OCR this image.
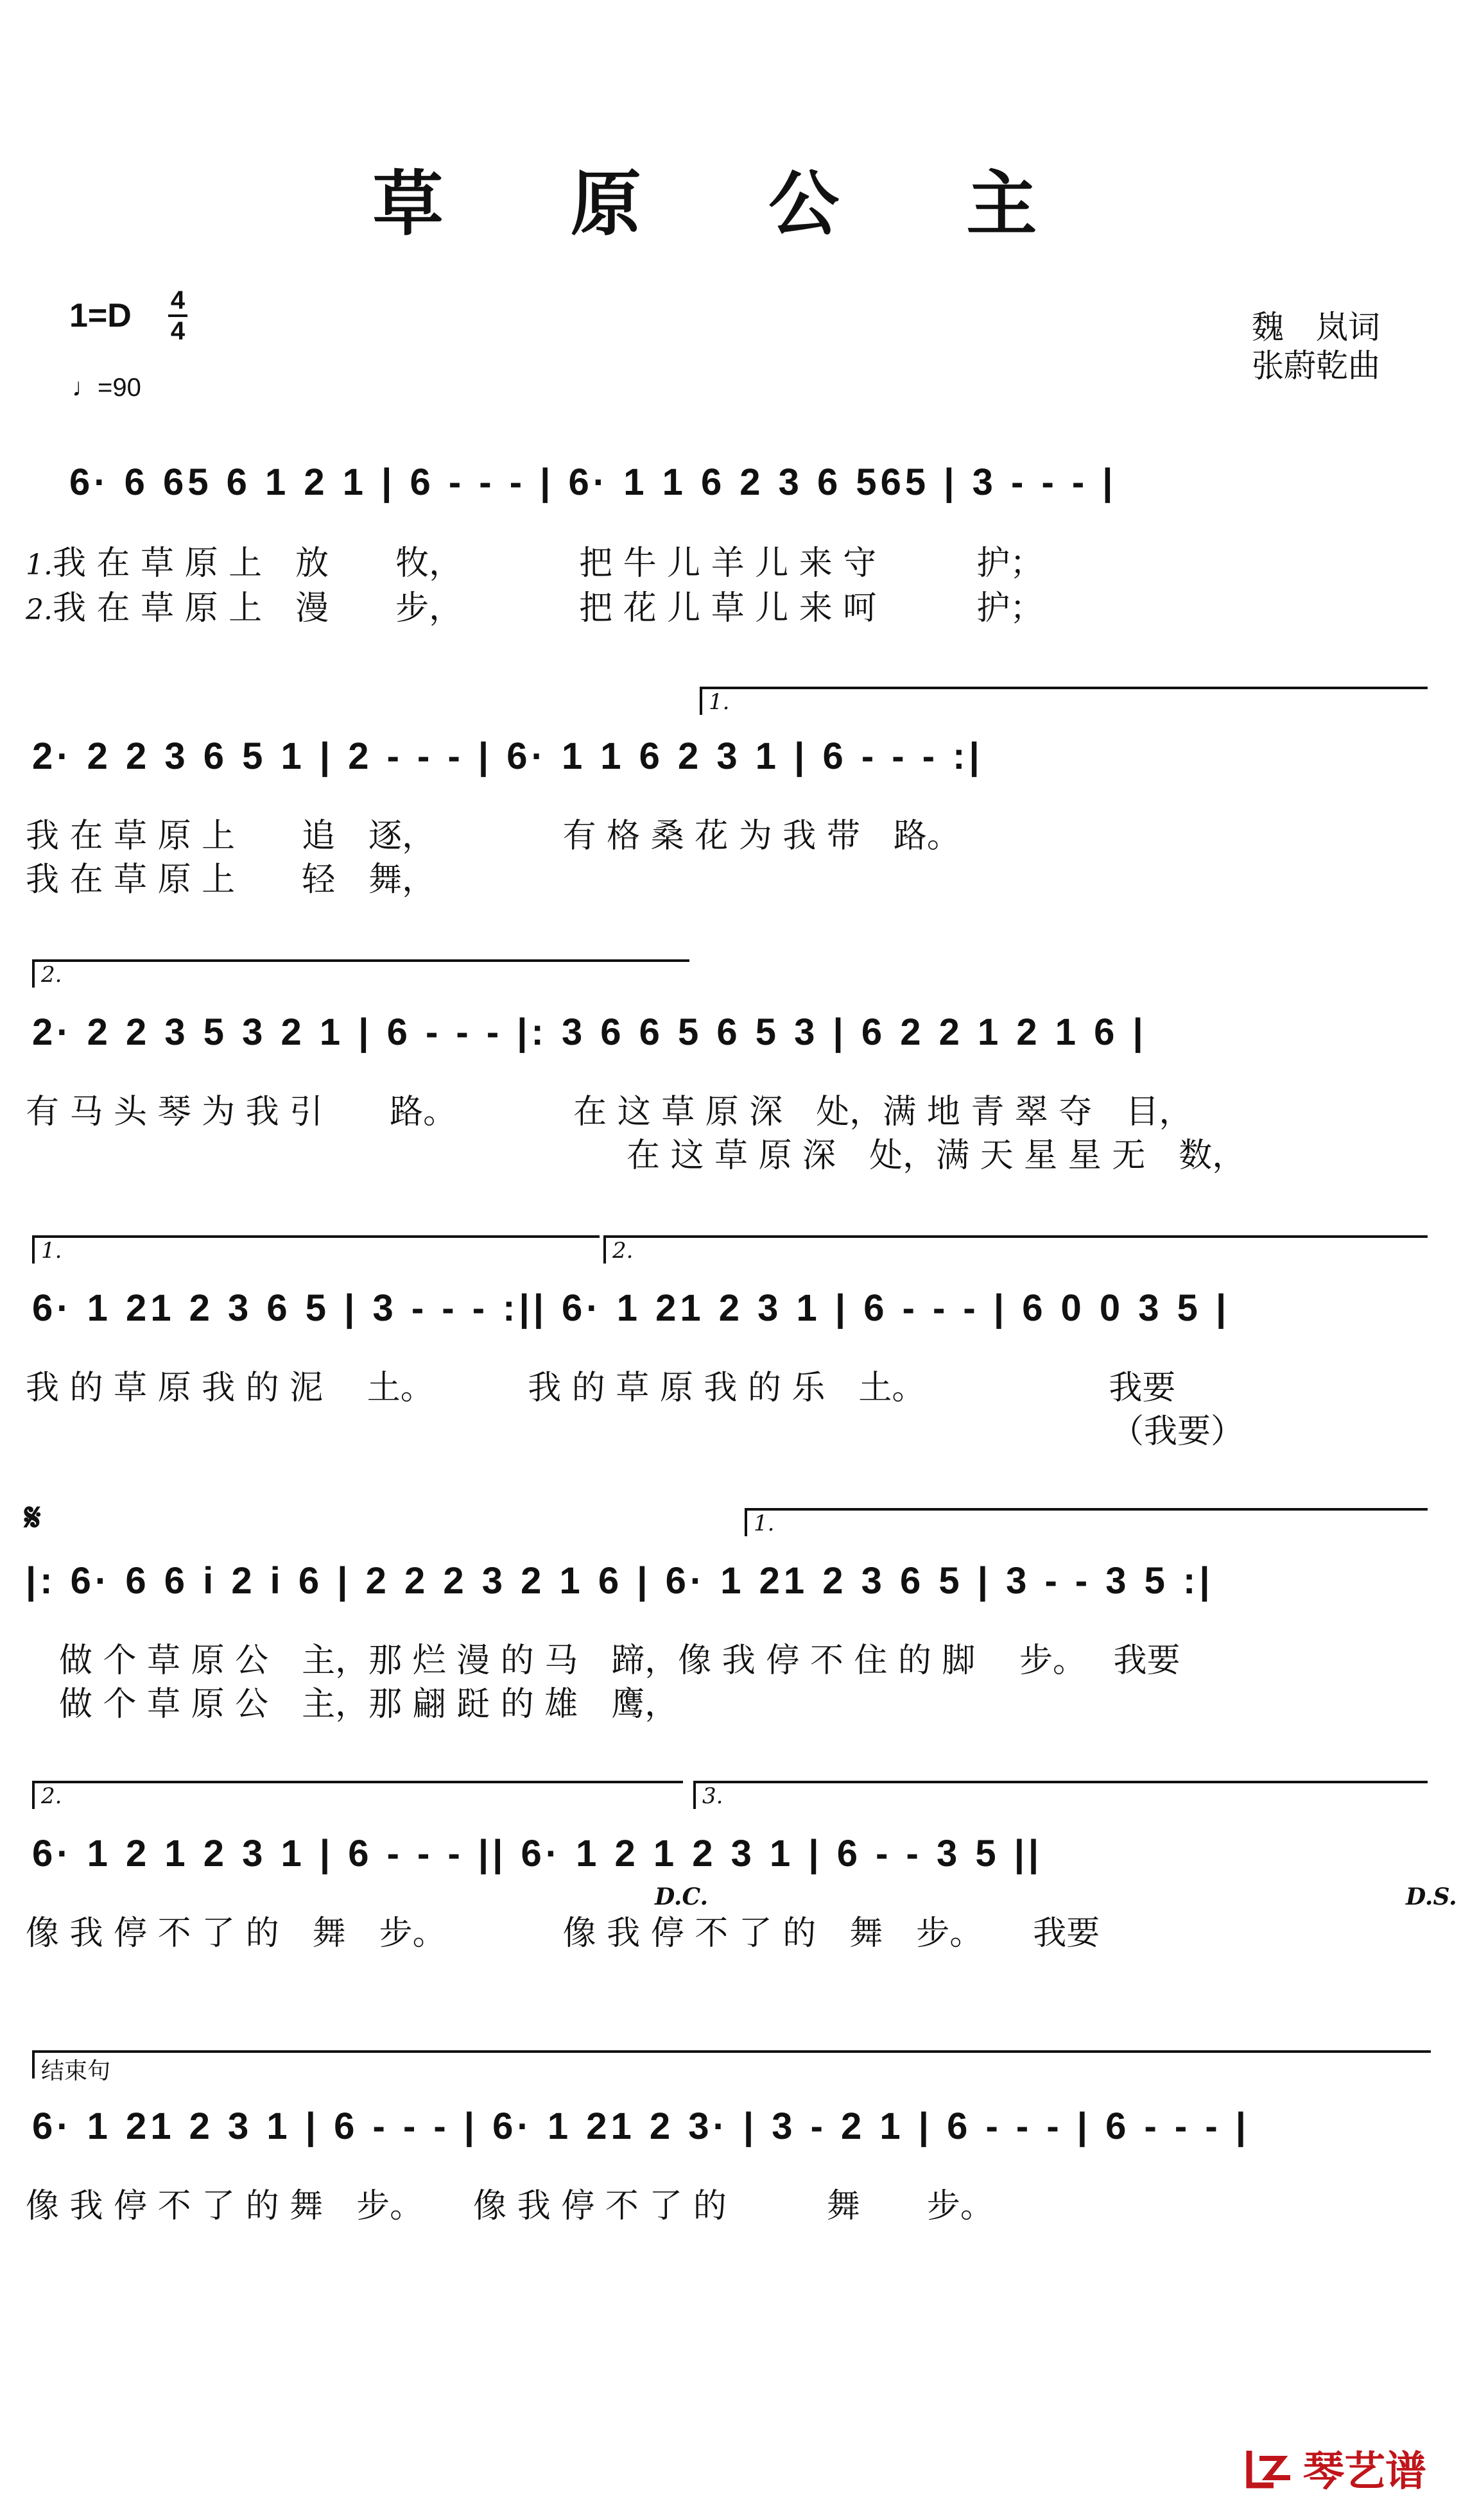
草 原 公 主
1=D 4
4
♩=90
魏　岚词
张蔚乾曲
6· 6 65 6 1 2 1 | 6 - - - | 6· 1 1 6 2 3 6 565 | 3 - - - |
1.我 在 草 原 上　放　　牧，　　　　把 牛 儿 羊 儿 来 守　　　护；
2.我 在 草 原 上　漫　　步，　　　　把 花 儿 草 儿 来 呵　　　护；
1.
2· 2 2 3 6 5 1 | 2 - - - | 6· 1 1 6 2 3 1 | 6 - - - :|
我 在 草 原 上　　追　逐，　　　　 有 格 桑 花 为 我 带　路。
我 在 草 原 上　　轻　舞，
2.
2· 2 2 3 5 3 2 1 | 6 - - - |: 3 6 6 5 6 5 3 | 6 2 2 1 2 1 6 |
有 马 头 琴 为 我 引　　路。　　　　在 这 草 原 深　处，满 地 青 翠 夺　目，
　　　　　　　　　　　　　　　　　　在 这 草 原 深　处，满 天 星 星 无　数，
1.	2.
6· 1 21 2 3 6 5 | 3 - - - :|| 6· 1 21 2 3 1 | 6 - - - | 6 0 0 3 5 |
我 的 草 原 我 的 泥　 土。　　　 我 的 草 原 我 的 乐　土。　　　　　　我要
　　　　　　　　　　　　　　　　　　　　　　　　　　　　　　　　　（我要）
𝄋	1.
|: 6· 6 6 i 2 i 6 | 2 2 2 3 2 1 6 | 6· 1 21 2 3 6 5 | 3 - - 3 5 :|
　做 个 草 原 公　主，那 烂 漫 的 马　蹄，像 我 停 不 住 的 脚　 步。　 我要
　做 个 草 原 公　主，那 翩 跹 的 雄　鹰，
2.	3.
6· 1 2 1 2 3 1 | 6 - - - || 6· 1 2 1 2 3 1 | 6 - - 3 5 ||
D.C.	D.S.
像 我 停 不 了 的　舞　步。　　　　像 我 停 不 了 的　舞　步。　　我要
结束句
6· 1 21 2 3 1 | 6 - - - | 6· 1 21 2 3· | 3 - 2 1 | 6 - - - | 6 - - - |
像 我 停 不 了 的 舞　步。　　像 我 停 不 了 的　　　舞　　步。
琴艺谱
